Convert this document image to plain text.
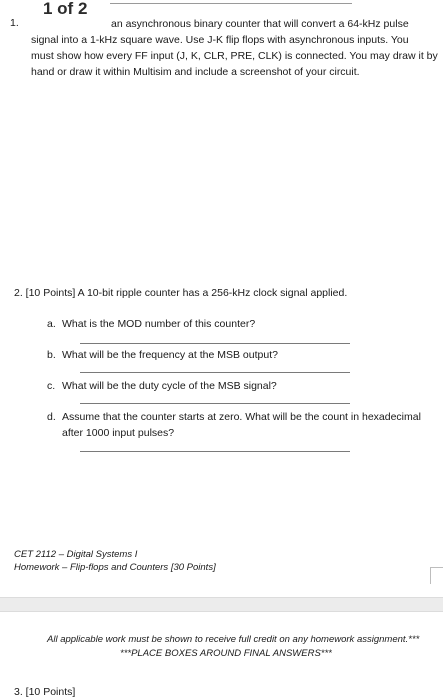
1 of 2
1.	an asynchronous binary counter that will convert a 64-kHz pulse
signal into a 1-kHz square wave. Use J-K flip flops with asynchronous inputs. You
must show how every FF input (J, K, CLR, PRE, CLK) is connected. You may draw it by
hand or draw it within Multisim and include a screenshot of your circuit.
2. [10 Points] A 10-bit ripple counter has a 256-kHz clock signal applied.
a. What is the MOD number of this counter?
b. What will be the frequency at the MSB output?
c. What will be the duty cycle of the MSB signal?
d. Assume that the counter starts at zero. What will be the count in hexadecimal
after 1000 input pulses?
CET 2112 – Digital Systems I
Homework – Flip-flops and Counters [30 Points]
All applicable work must be shown to receive full credit on any homework assignment.***
***PLACE BOXES AROUND FINAL ANSWERS***
3. [10 Points]
